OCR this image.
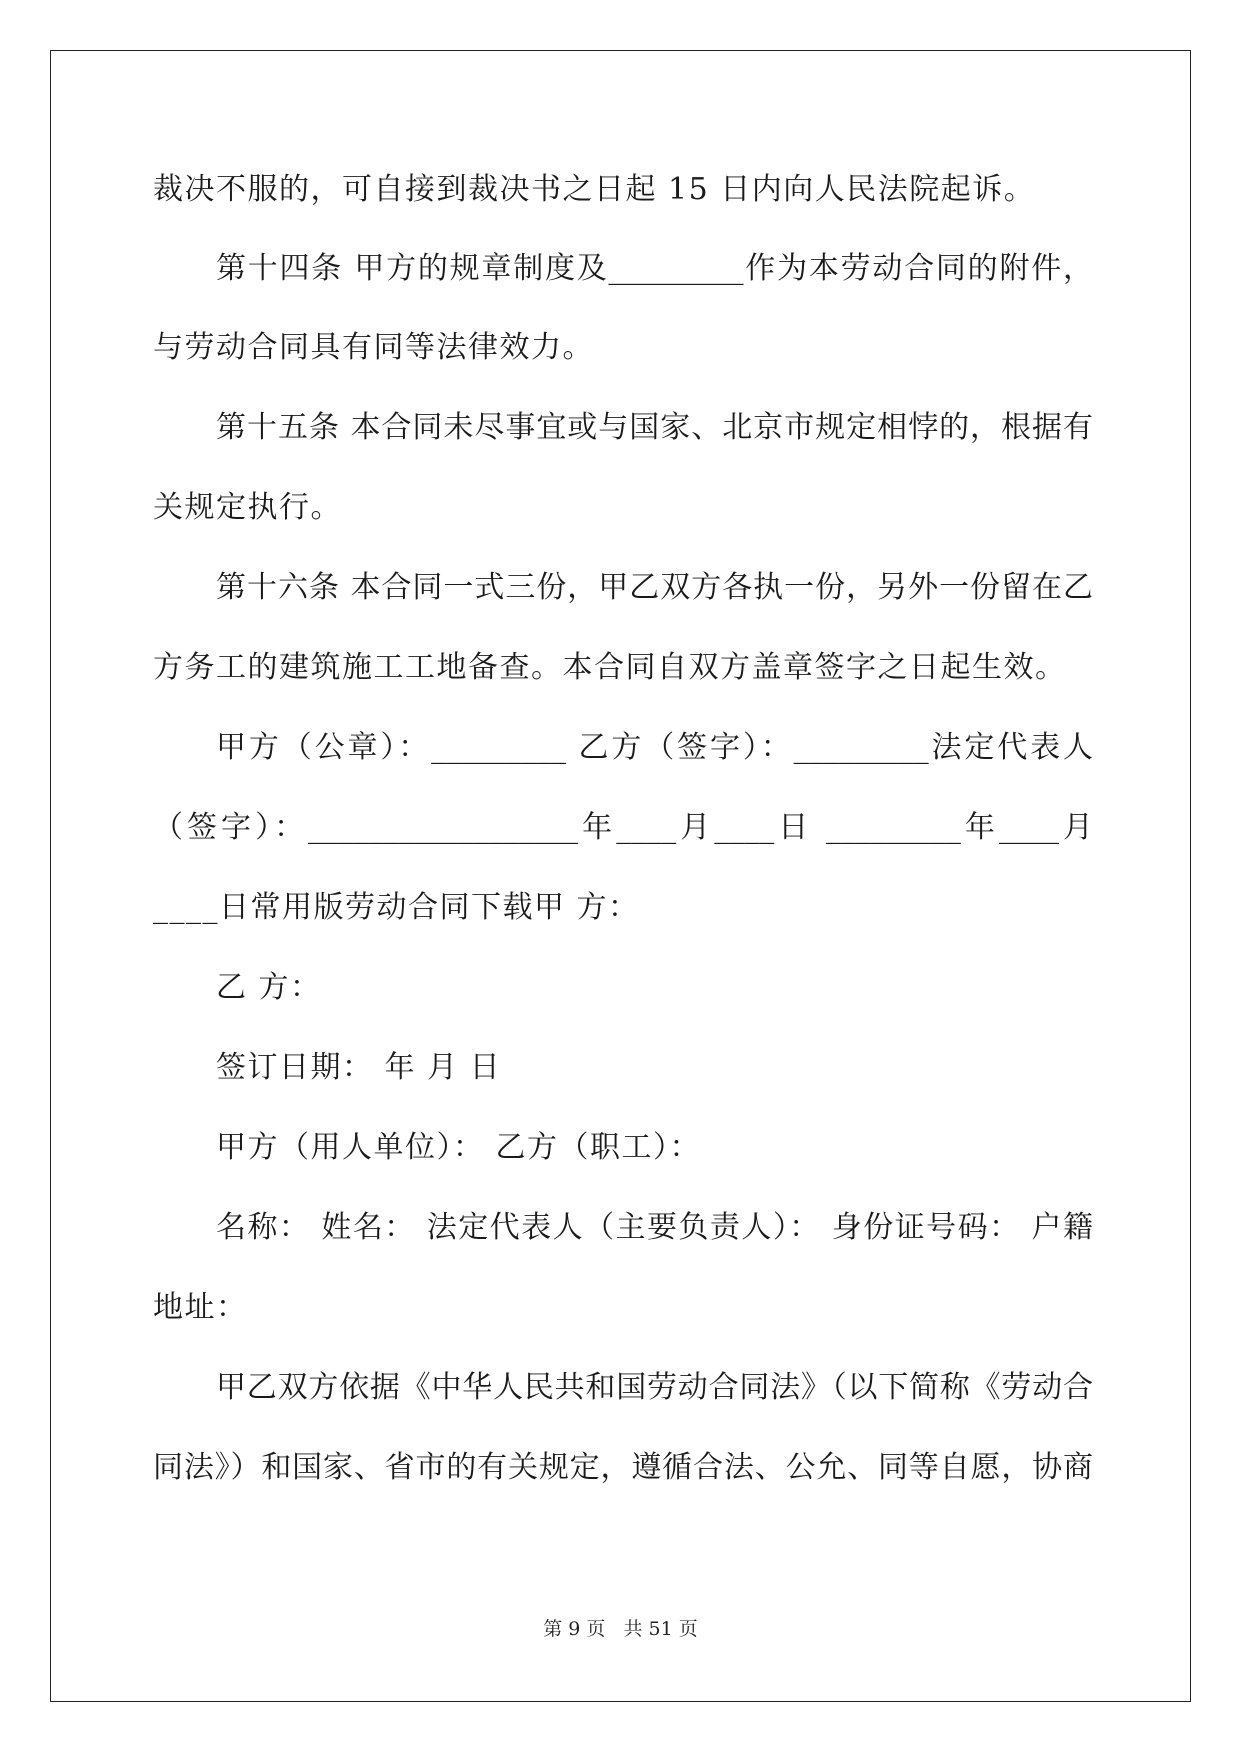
裁决不服的，可自接到裁决书之日起 15 日内向人民法院起诉。

第十四条 甲方的规章制度及_________作为本劳动合同的附件，

与劳动合同具有同等法律效力。

第十五条 本合同未尽事宜或与国家、北京市规定相悖的，根据有

关规定执行。

第十六条 本合同一式三份，甲乙双方各执一份，另外一份留在乙

方务工的建筑施工工地备查。本合同自双方盖章签字之日起生效。

甲方（公章）：_________ 乙方（签字）：_________法定代表人

（签字）：__________________年____月____日 _________年____月

____日常用版劳动合同下载甲 方：

乙 方：

签订日期： 年 月 日

甲方（用人单位）： 乙方（职工）：

名称： 姓名： 法定代表人（主要负责人）： 身份证号码： 户籍

地址：

甲乙双方依据《中华人民共和国劳动合同法》（以下简称《劳动合

同法》）和国家、省市的有关规定，遵循合法、公允、同等自愿，协商

第 9 页   共 51 页
